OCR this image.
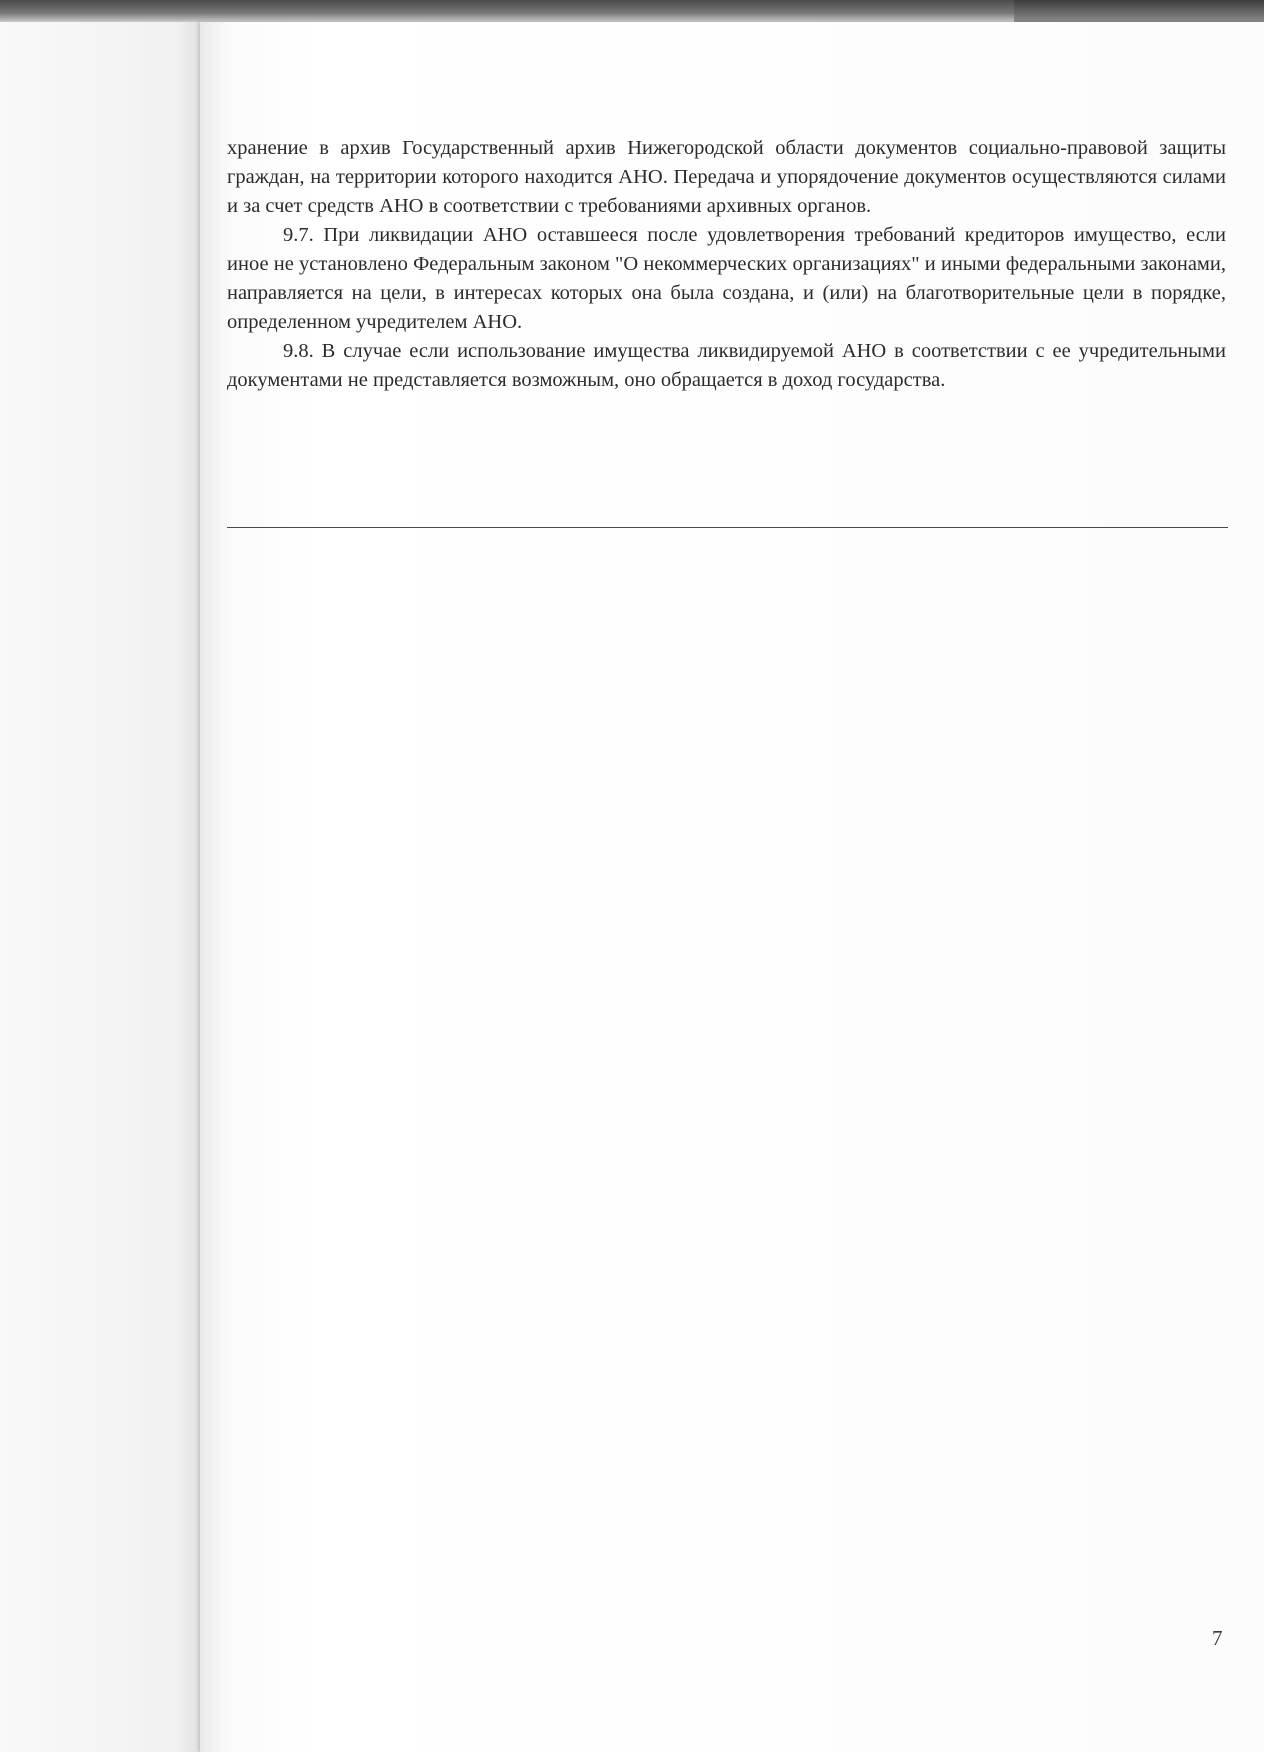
хранение в архив Государственный архив Нижегородской области документов социально-правовой защиты граждан, на территории которого находится АНО. Передача и упорядочение документов осуществляются силами и за счет средств АНО в соответствии с требованиями архивных органов.

9.7. При ликвидации АНО оставшееся после удовлетворения требований кредиторов имущество, если иное не установлено Федеральным законом "О некоммерческих организациях" и иными федеральными законами, направляется на цели, в интересах которых она была создана, и (или) на благотворительные цели в порядке, определенном учредителем АНО.

9.8. В случае если использование имущества ликвидируемой АНО в соответствии с ее учредительными документами не представляется возможным, оно обращается в доход государства.

7
